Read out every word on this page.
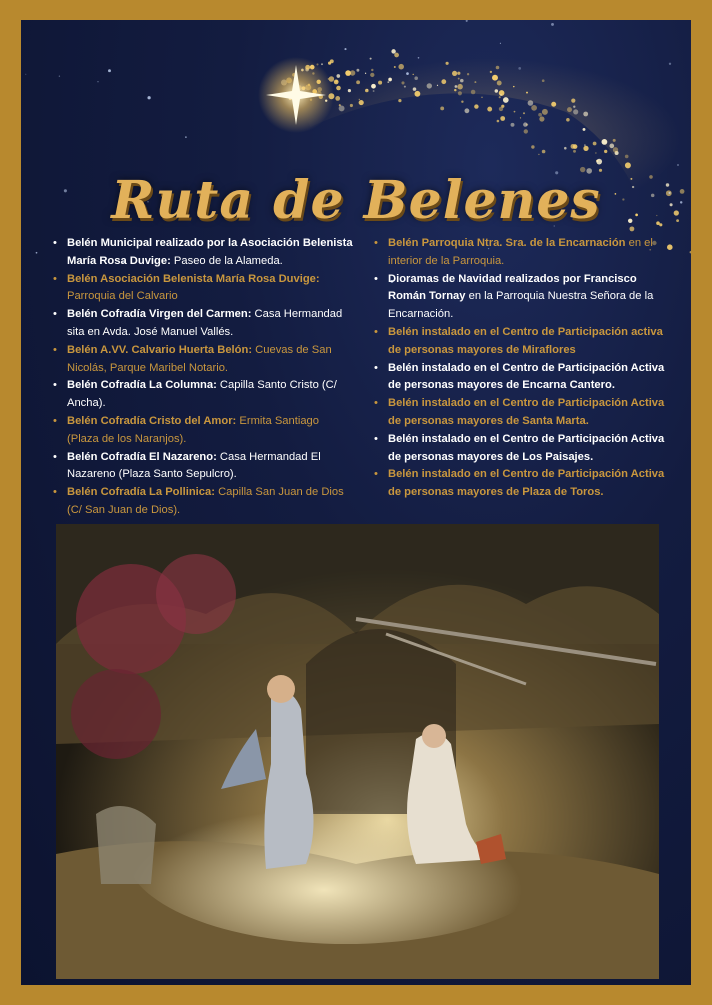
Ruta de Belenes
• Belén Municipal realizado por la Asociación Belenista María Rosa Duvige: Paseo de la Alameda.
• Belén Asociación Belenista María Rosa Duvige: Parroquia del Calvario
• Belén Cofradía Virgen del Carmen: Casa Hermandad sita en Avda. José Manuel Vallés.
• Belén A.VV. Calvario Huerta Belón: Cuevas de San Nicolás, Parque Maribel Notario.
• Belén Cofradía La Columna: Capilla Santo Cristo (C/ Ancha).
• Belén Cofradía Cristo del Amor: Ermita Santiago (Plaza de los Naranjos).
• Belén Cofradía El Nazareno: Casa Hermandad El Nazareno (Plaza Santo Sepulcro).
• Belén Cofradía La Pollinica: Capilla San Juan de Dios (C/ San Juan de Dios).
• Belén Parroquia Ntra. Sra. de la Encarnación en el interior de la Parroquia.
• Dioramas de Navidad realizados por Francisco Román Tornay en la Parroquia Nuestra Señora de la Encarnación.
• Belén instalado en el Centro de Participación activa de personas mayores de Miraflores
• Belén instalado en el Centro de Participación Activa de personas mayores de Encarna Cantero.
• Belén instalado en el Centro de Participación Activa de personas mayores de Santa Marta.
• Belén instalado en el Centro de Participación Activa de personas mayores de Los Paisajes.
• Belén instalado en el Centro de Participación Activa de personas mayores de Plaza de Toros.
